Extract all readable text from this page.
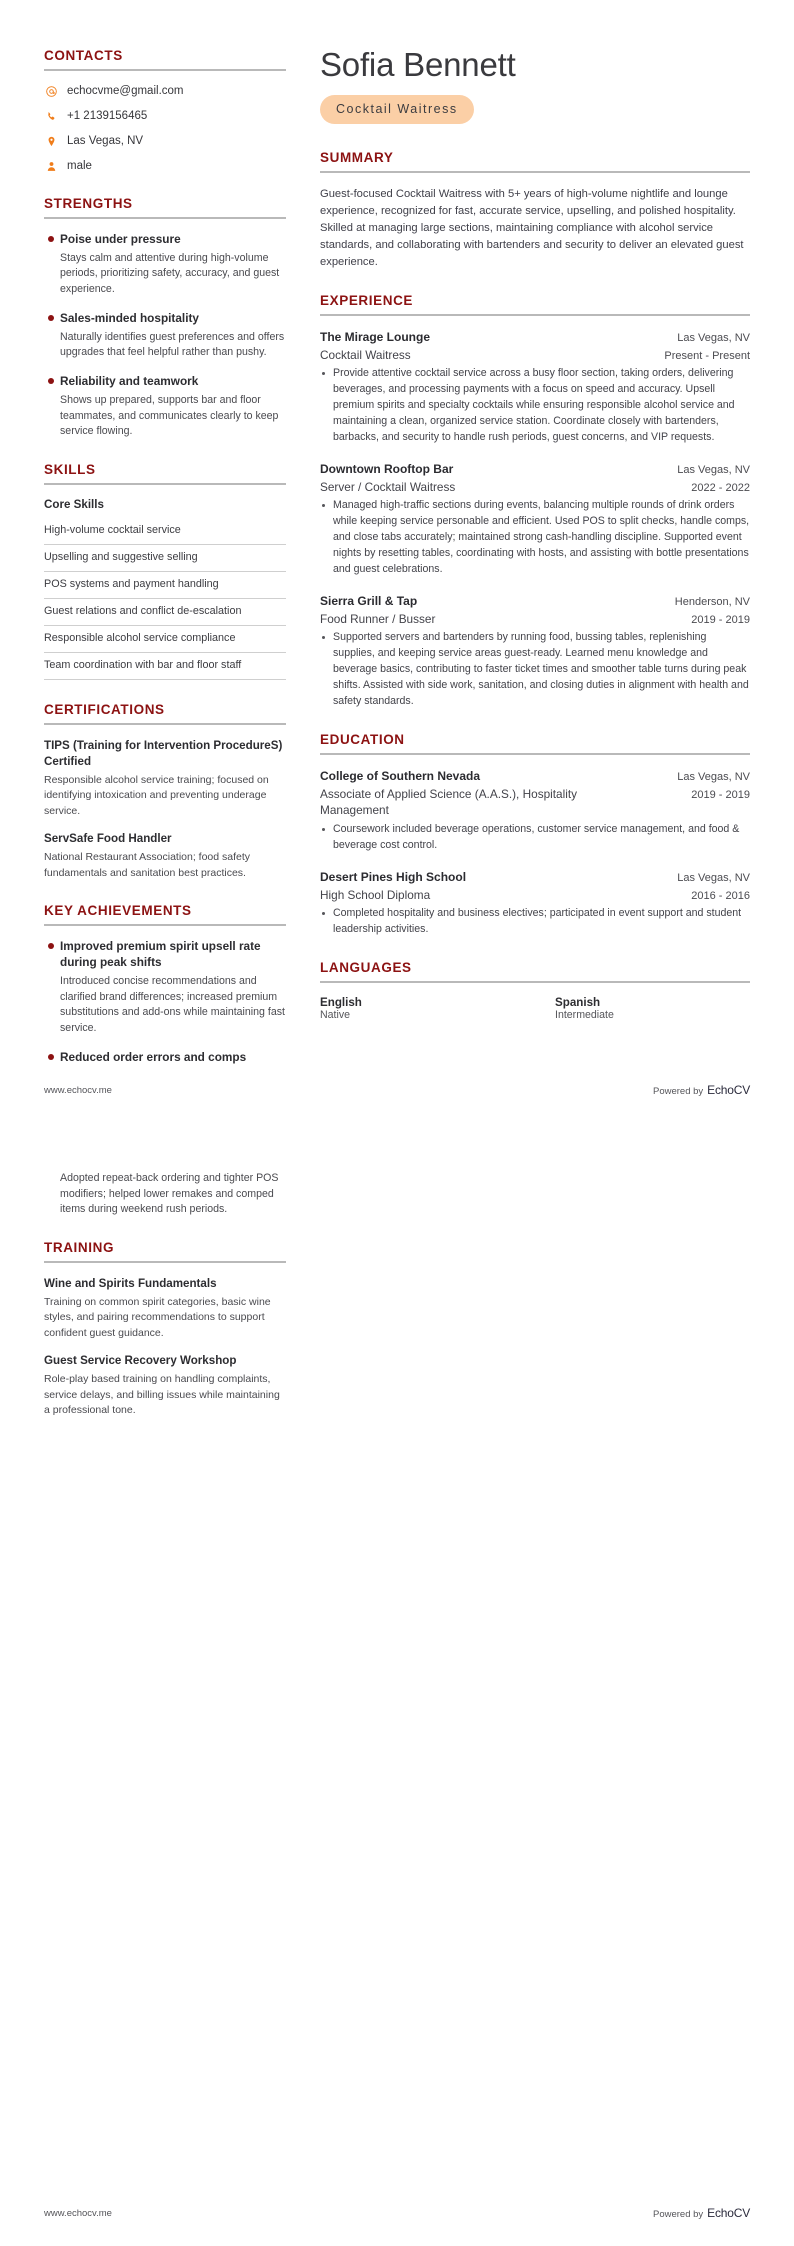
CONTACTS
echocvme@gmail.com
+1 2139156465
Las Vegas, NV
male
STRENGTHS
Poise under pressure
Stays calm and attentive during high-volume periods, prioritizing safety, accuracy, and guest experience.
Sales-minded hospitality
Naturally identifies guest preferences and offers upgrades that feel helpful rather than pushy.
Reliability and teamwork
Shows up prepared, supports bar and floor teammates, and communicates clearly to keep service flowing.
SKILLS
Core Skills
High-volume cocktail service
Upselling and suggestive selling
POS systems and payment handling
Guest relations and conflict de-escalation
Responsible alcohol service compliance
Team coordination with bar and floor staff
CERTIFICATIONS
TIPS (Training for Intervention ProcedureS) Certified
Responsible alcohol service training; focused on identifying intoxication and preventing underage service.
ServSafe Food Handler
National Restaurant Association; food safety fundamentals and sanitation best practices.
KEY ACHIEVEMENTS
Improved premium spirit upsell rate during peak shifts
Introduced concise recommendations and clarified brand differences; increased premium substitutions and add-ons while maintaining fast service.
Reduced order errors and comps
Sofia Bennett
Cocktail Waitress
SUMMARY

Guest-focused Cocktail Waitress with 5+ years of high-volume nightlife and lounge experience, recognized for fast, accurate service, upselling, and polished hospitality. Skilled at managing large sections, maintaining compliance with alcohol service standards, and collaborating with bartenders and security to deliver an elevated guest experience.

EXPERIENCE
The Mirage Lounge	Las Vegas, NV
Cocktail Waitress	Present - Present
Provide attentive cocktail service across a busy floor section, taking orders, delivering beverages, and processing payments with a focus on speed and accuracy. Upsell premium spirits and specialty cocktails while ensuring responsible alcohol service and maintaining a clean, organized service station. Coordinate closely with bartenders, barbacks, and security to handle rush periods, guest concerns, and VIP requests.
Downtown Rooftop Bar	Las Vegas, NV
Server / Cocktail Waitress	2022 - 2022
Managed high-traffic sections during events, balancing multiple rounds of drink orders while keeping service personable and efficient. Used POS to split checks, handle comps, and close tabs accurately; maintained strong cash-handling discipline. Supported event nights by resetting tables, coordinating with hosts, and assisting with bottle presentations and guest celebrations.
Sierra Grill & Tap	Henderson, NV
Food Runner / Busser	2019 - 2019
Supported servers and bartenders by running food, bussing tables, replenishing supplies, and keeping service areas guest-ready. Learned menu knowledge and beverage basics, contributing to faster ticket times and smoother table turns during peak shifts. Assisted with side work, sanitation, and closing duties in alignment with health and safety standards.
EDUCATION
College of Southern Nevada	Las Vegas, NV
Associate of Applied Science (A.A.S.), Hospitality Management
2019 - 2019
Coursework included beverage operations, customer service management, and food & beverage cost control.
Desert Pines High School	Las Vegas, NV
High School Diploma	2016 - 2016
Completed hospitality and business electives; participated in event support and student leadership activities.
LANGUAGES
English
Native
Spanish
Intermediate
www.echocv.me	Powered by EchoCV
Adopted repeat-back ordering and tighter POS modifiers; helped lower remakes and comped items during weekend rush periods.
TRAINING
Wine and Spirits Fundamentals
Training on common spirit categories, basic wine styles, and pairing recommendations to support confident guest guidance.
Guest Service Recovery Workshop
Role-play based training on handling complaints, service delays, and billing issues while maintaining a professional tone.
www.echocv.me	Powered by EchoCV
